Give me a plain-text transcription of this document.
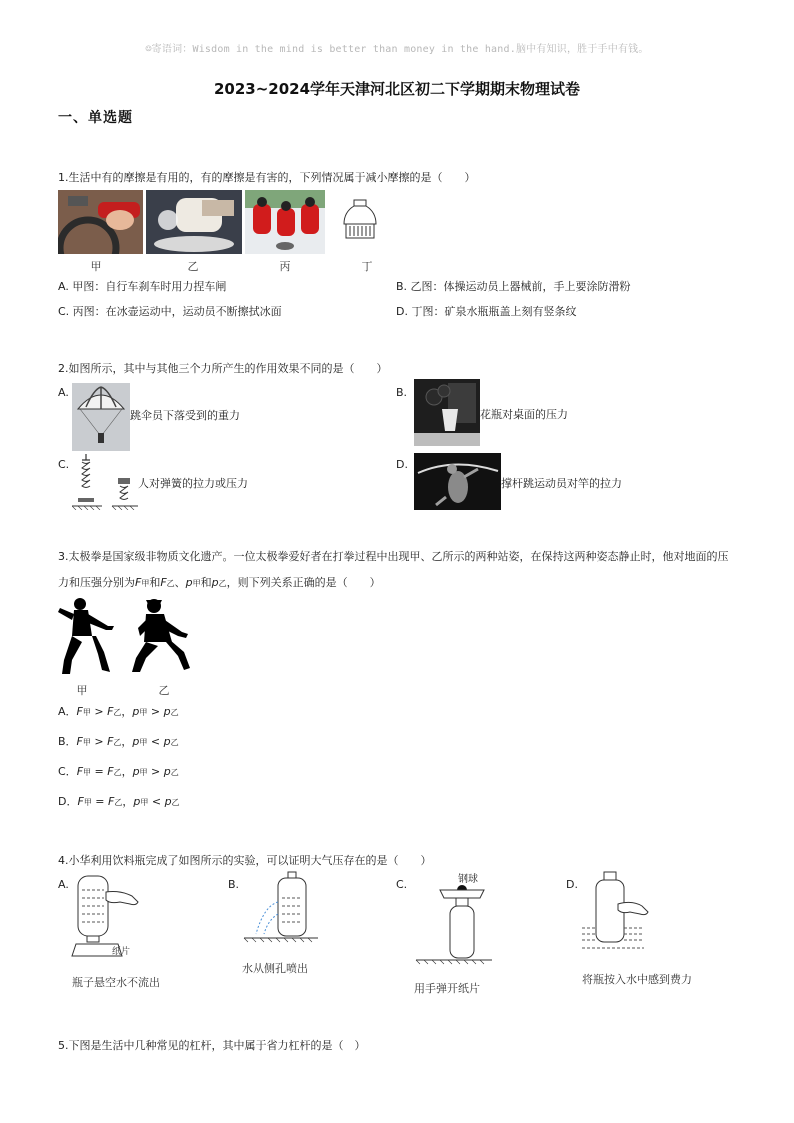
☺寄语词：Wisdom in the mind is better than money in the hand.脑中有知识，胜于手中有钱。
2023~2024学年天津河北区初二下学期期末物理试卷
一、单选题
1.生活中有的摩擦是有用的，有的摩擦是有害的，下列情况属于减小摩擦的是（　　）
甲	乙	丙	丁
A. 甲图：自行车刹车时用力捏车闸	B. 乙图：体操运动员上器械前，手上要涂防滑粉
C. 丙图：在冰壶运动中，运动员不断擦拭冰面	D. 丁图：矿泉水瓶瓶盖上刻有竖条纹
2.如图所示，其中与其他三个力所产生的作用效果不同的是（　　）
A.
跳伞员下落受到的重力
B.
花瓶对桌面的压力
C.
人对弹簧的拉力或压力
D.
撑杆跳运动员对竿的拉力
3.太极拳是国家级非物质文化遗产。一位太极拳爱好者在打拳过程中出现甲、乙所示的两种站姿，在保持这两种姿态静止时，他对地面的压
力和压强分别为F甲和F乙、p甲和p乙，则下列关系正确的是（　　）
甲	乙
A．F甲 > F乙，p甲 > p乙
B．F甲 > F乙，p甲 < p乙
C．F甲 = F乙，p甲 > p乙
D．F甲 = F乙，p甲 < p乙
4.小华利用饮料瓶完成了如图所示的实验，可以证明大气压存在的是（　　）
A.
纸片
瓶子悬空水不流出
B.
水从侧孔喷出
C.	钢球
用手弹开纸片
D.
将瓶按入水中感到费力
5.下图是生活中几种常见的杠杆，其中属于省力杠杆的是（　）
